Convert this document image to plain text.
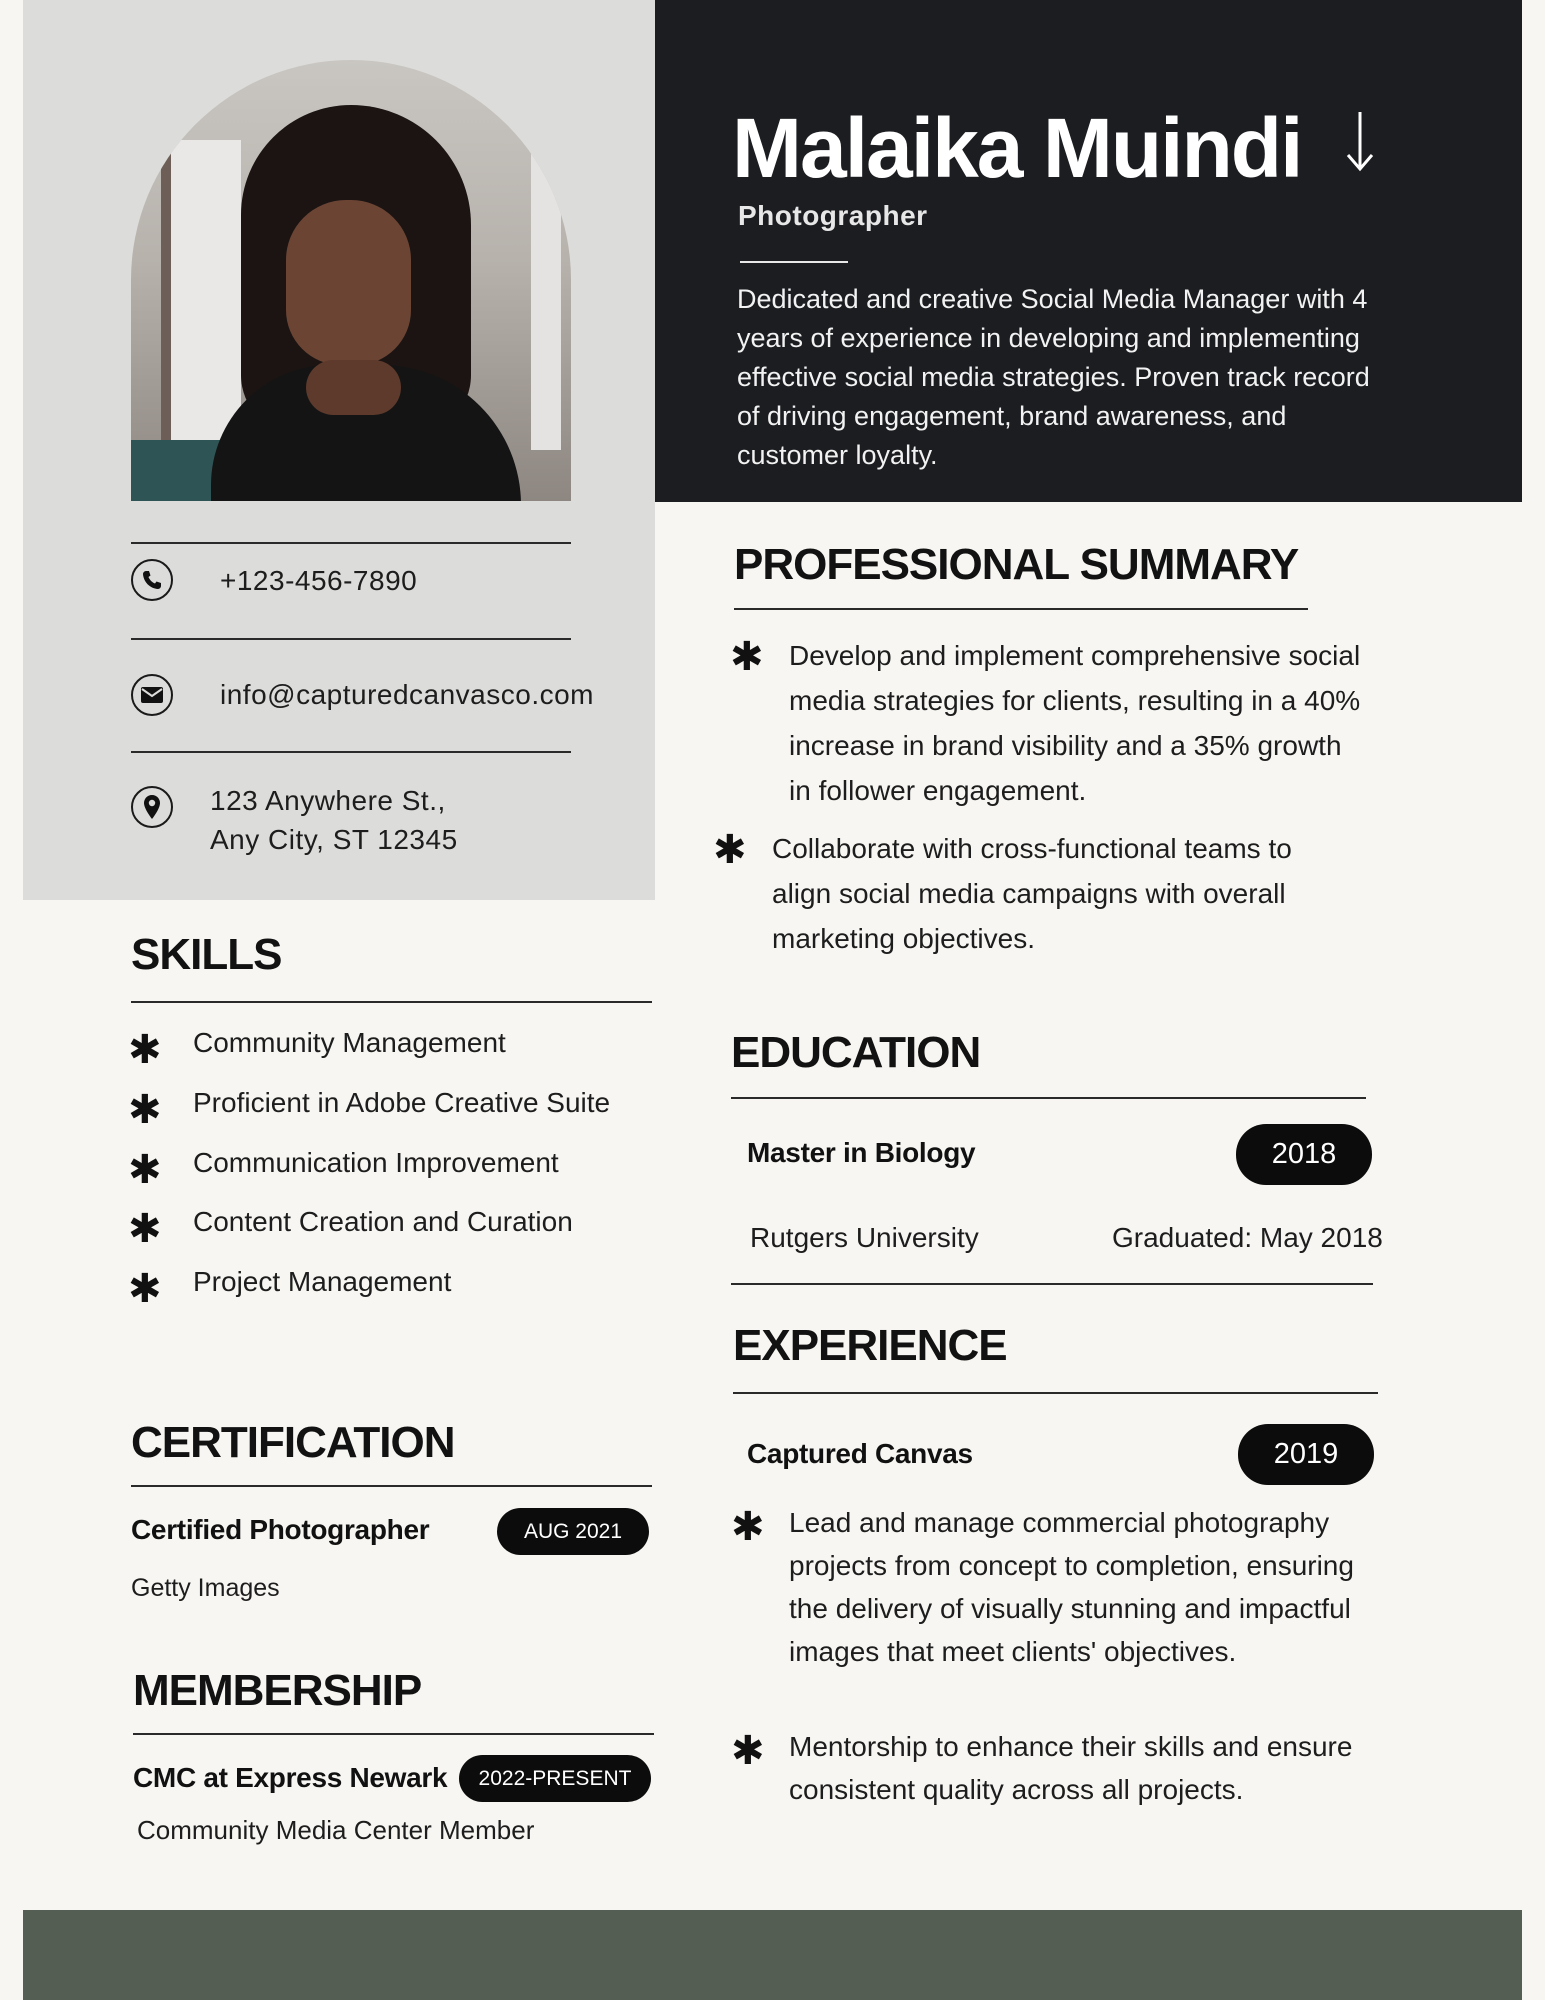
+123-456-7890
info@capturedcanvasco.com
123 Anywhere St.,
Any City, ST 12345
SKILLS
✱ Community Management
✱ Proficient in Adobe Creative Suite
✱ Communication Improvement
✱ Content Creation and Curation
✱ Project Management
CERTIFICATION
Certified Photographer	AUG 2021
Getty Images
MEMBERSHIP
CMC at Express Newark	2022-PRESENT
Community Media Center Member
Malaika Muindi
Photographer
Dedicated and creative Social Media Manager with 4 years of experience in developing and implementing effective social media strategies. Proven track record of driving engagement, brand awareness, and customer loyalty.
PROFESSIONAL SUMMARY
✱ Develop and implement comprehensive social media strategies for clients, resulting in a 40% increase in brand visibility and a 35% growth in follower engagement.
✱ Collaborate with cross-functional teams to align social media campaigns with overall marketing objectives.
EDUCATION
Master in Biology	2018
Rutgers University	Graduated: May 2018
EXPERIENCE
Captured Canvas	2019
✱ Lead and manage commercial photography projects from concept to completion, ensuring the delivery of visually stunning and impactful images that meet clients' objectives.
✱ Mentorship to enhance their skills and ensure consistent quality across all projects.
